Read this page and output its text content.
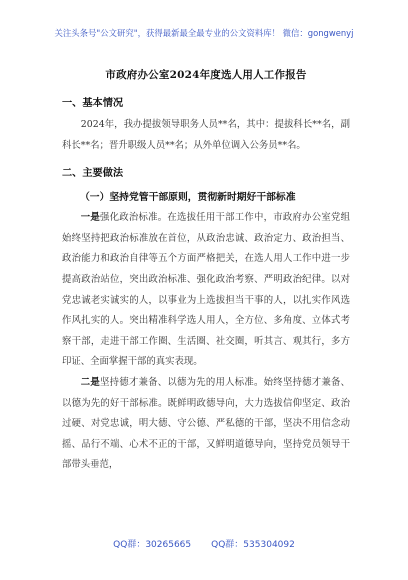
关注头条号"公文研究"，获得最新最全最专业的公文资料库！ 微信：gongwenyj
市政府办公室2024年度选人用人工作报告
一、基本情况

2024年，我办提拔领导职务人员**名，其中：提拔科长**名，副科长**名；晋升职级人员**名；从外单位调入公务员**名。

二、主要做法
（一）坚持党管干部原则，贯彻新时期好干部标准

一是强化政治标准。在选拔任用干部工作中，市政府办公室党组始终坚持把政治标准放在首位，从政治忠诚、政治定力、政治担当、政治能力和政治自律等五个方面严格把关，在选人用人工作中进一步提高政治站位，突出政治标准、强化政治考察、严明政治纪律。以对党忠诚老实诚实的人，以事业为上选拔担当干事的人，以扎实作风选作风扎实的人。突出精准科学选人用人，全方位、多角度、立体式考察干部，走进干部工作圈、生活圈、社交圈，听其言、观其行，多方印证、全面掌握干部的真实表现。

二是坚持德才兼备、以德为先的用人标准。始终坚持德才兼备、以德为先的好干部标准。既鲜明政德导向，大力选拔信仰坚定、政治过硬、对党忠诚，明大德、守公德、严私德的干部，坚决不用信念动摇、品行不端、心术不正的干部，又鲜明道德导向，坚持党员领导干部带头垂范，

QQ群：30265665 QQ群：535304092
